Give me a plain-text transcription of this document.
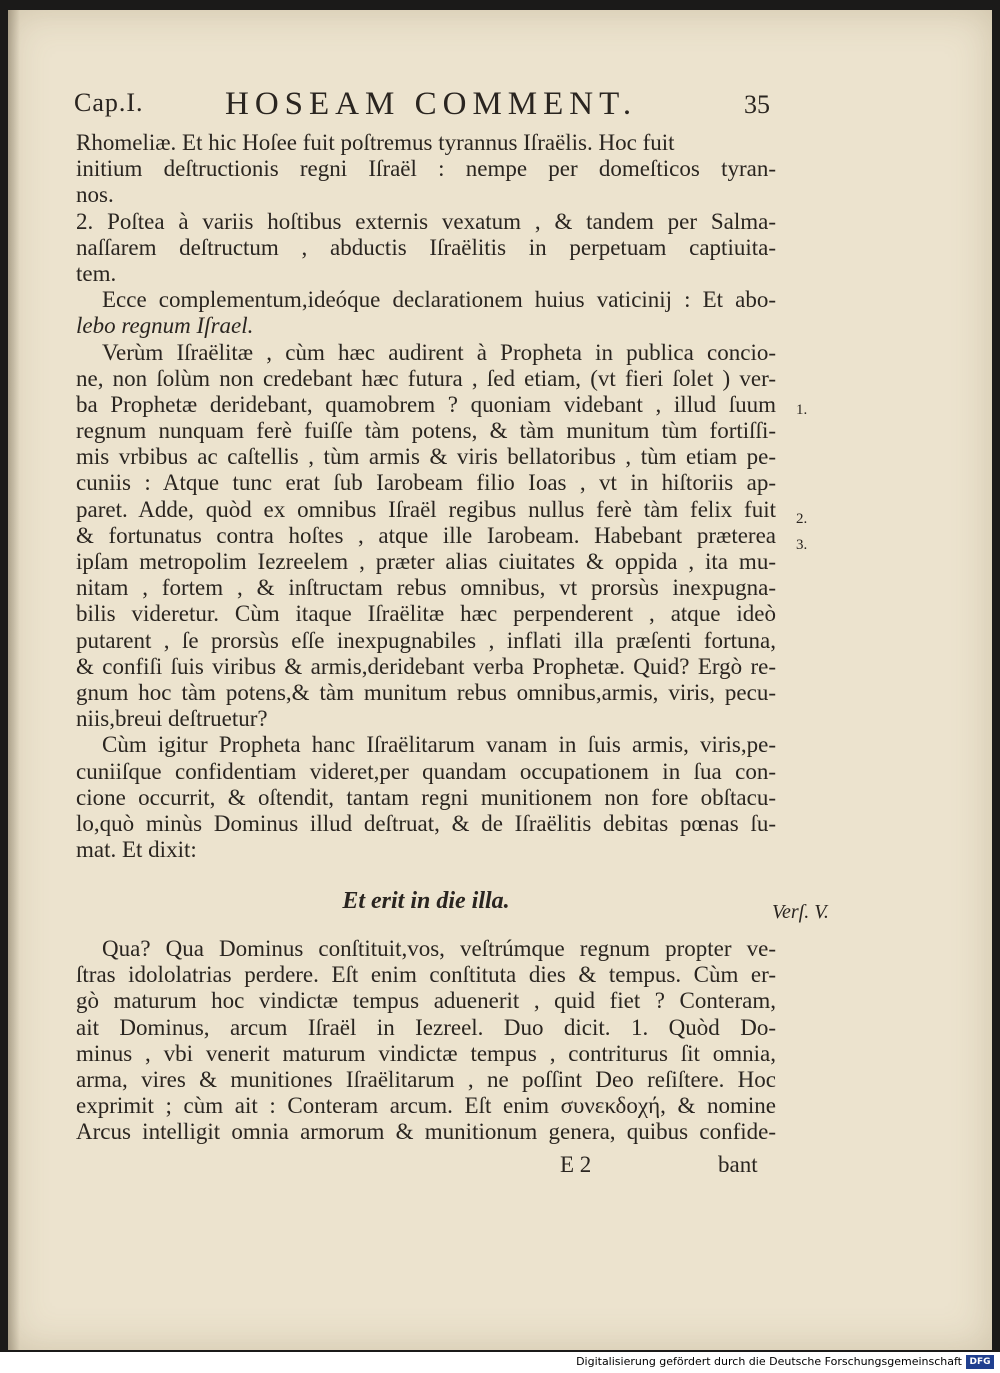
Cap.I. HOSEAM COMMENT.	35
Rhomeliæ. Et hic Hoſee fuit poſtremus tyrannus Iſraëlis. Hoc fuit
initium deſtructionis regni Iſraël : nempe per domeſticos tyran-
nos.
2. Poſtea à variis hoſtibus externis vexatum , & tandem per Salma-
naſſarem deſtructum , abductis Iſraëlitis in perpetuam captiuita-
tem.
Ecce complementum,ideóque declarationem huius vaticinij : Et abo-
lebo regnum Iſrael.
Verùm Iſraëlitæ , cùm hæc audirent à Propheta in publica concio-
ne, non ſolùm non credebant hæc futura , ſed etiam, (vt fieri ſolet ) ver-
ba Prophetæ deridebant, quamobrem ? quoniam videbant , illud ſuum
regnum nunquam ferè fuiſſe tàm potens, & tàm munitum tùm fortiſſi-
mis vrbibus ac caſtellis , tùm armis & viris bellatoribus , tùm etiam pe-
cuniis : Atque tunc erat ſub Iarobeam filio Ioas , vt in hiſtoriis ap-
paret. Adde, quòd ex omnibus Iſraël regibus nullus ferè tàm felix fuit
& fortunatus contra hoſtes , atque ille Iarobeam. Habebant præterea
ipſam metropolim Iezreelem , præter alias ciuitates & oppida , ita mu-
nitam , fortem , & inſtructam rebus omnibus, vt prorsùs inexpugna-
bilis videretur. Cùm itaque Iſraëlitæ hæc perpenderent , atque ideò
putarent , ſe prorsùs eſſe inexpugnabiles , inflati illa præſenti fortuna,
& confiſi ſuis viribus & armis,deridebant verba Prophetæ. Quid? Ergò re-
gnum hoc tàm potens,& tàm munitum rebus omnibus,armis, viris, pecu-
niis,breui deſtruetur?
Cùm igitur Propheta hanc Iſraëlitarum vanam in ſuis armis, viris,pe-
cuniiſque confidentiam videret,per quandam occupationem in ſua con-
cione occurrit, & oſtendit, tantam regni munitionem non fore obſtacu-
lo,quò minùs Dominus illud deſtruat, & de Iſraëlitis debitas pœnas ſu-
mat. Et dixit:
Et erit in die illa.
Qua? Qua Dominus conſtituit,vos, veſtrúmque regnum propter ve-
ſtras idololatrias perdere. Eſt enim conſtituta dies & tempus. Cùm er-
gò maturum hoc vindictæ tempus aduenerit , quid fiet ? Conteram,
ait Dominus, arcum Iſraël in Iezreel. Duo dicit. 1. Quòd Do-
minus , vbi venerit maturum vindictæ tempus , contriturus ſit omnia,
arma, vires & munitiones Iſraëlitarum , ne poſſint Deo reſiſtere. Hoc
exprimit ; cùm ait : Conteram arcum. Eſt enim συνεκδοχή, & nomine
Arcus intelligit omnia armorum & munitionum genera, quibus confide-
E 2	bant
1.
2.
3.
Verſ. V.
Digitalisierung gefördert durch die Deutsche Forschungsgemeinschaft DFG
